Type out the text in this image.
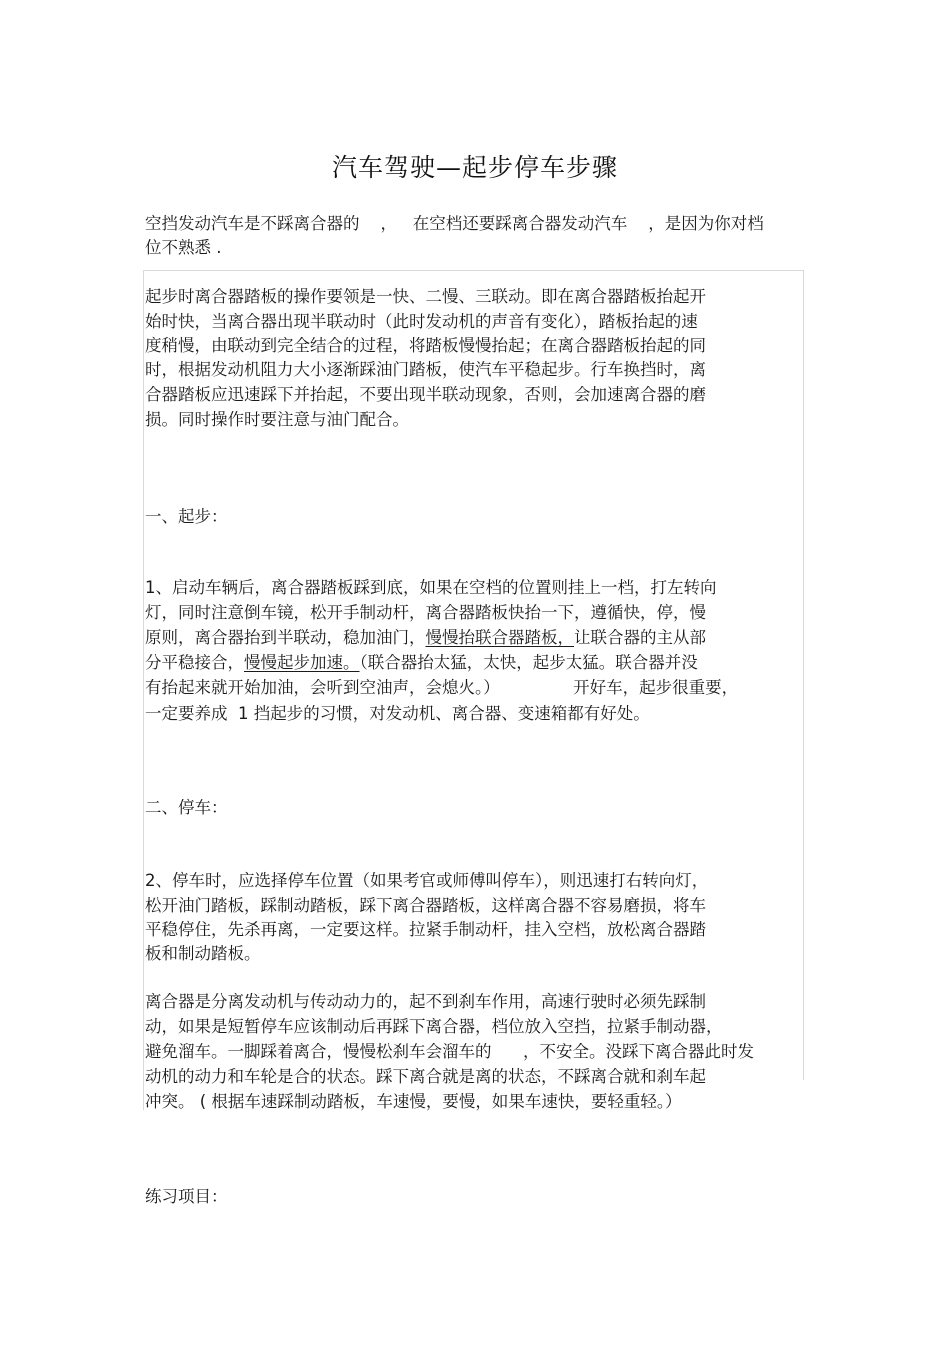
汽车驾驶—起步停车步骤
空挡发动汽车是不踩离合器的    ，   在空档还要踩离合器发动汽车    ，是因为你对档
位不熟悉 .
起步时离合器踏板的操作要领是一快、二慢、三联动。即在离合器踏板抬起开
始时快，当离合器出现半联动时（此时发动机的声音有变化），踏板抬起的速
度稍慢，由联动到完全结合的过程，将踏板慢慢抬起；在离合器踏板抬起的同
时，根据发动机阻力大小逐渐踩油门踏板，使汽车平稳起步。行车换挡时，离
合器踏板应迅速踩下并抬起，不要出现半联动现象，否则，会加速离合器的磨
损。同时操作时要注意与油门配合。
一、起步：
1、启动车辆后，离合器踏板踩到底，如果在空档的位置则挂上一档，打左转向
灯，同时注意倒车镜，松开手制动杆，离合器踏板快抬一下，遵循快，停，慢
原则，离合器抬到半联动，稳加油门，慢慢抬联合器踏板，让联合器的主从部
分平稳接合，慢慢起步加速。（联合器抬太猛，太快，起步太猛。联合器并没
有抬起来就开始加油，会听到空油声，会熄火。）              开好车，起步很重要，
一定要养成  1 挡起步的习惯，对发动机、离合器、变速箱都有好处。
二、停车：
2、停车时，应选择停车位置（如果考官或师傅叫停车），则迅速打右转向灯，
松开油门踏板，踩制动踏板，踩下离合器踏板，这样离合器不容易磨损，将车
平稳停住，先杀再离，一定要这样。拉紧手制动杆，挂入空档，放松离合器踏
板和制动踏板。
离合器是分离发动机与传动动力的，起不到刹车作用，高速行驶时必须先踩制
动，如果是短暂停车应该制动后再踩下离合器，档位放入空挡，拉紧手制动器，
避免溜车。一脚踩着离合，慢慢松刹车会溜车的      ，不安全。没踩下离合器此时发
动机的动力和车轮是合的状态。踩下离合就是离的状态，不踩离合就和刹车起
冲突。 ( 根据车速踩制动踏板，车速慢，要慢，如果车速快，要轻重轻。）
练习项目：
